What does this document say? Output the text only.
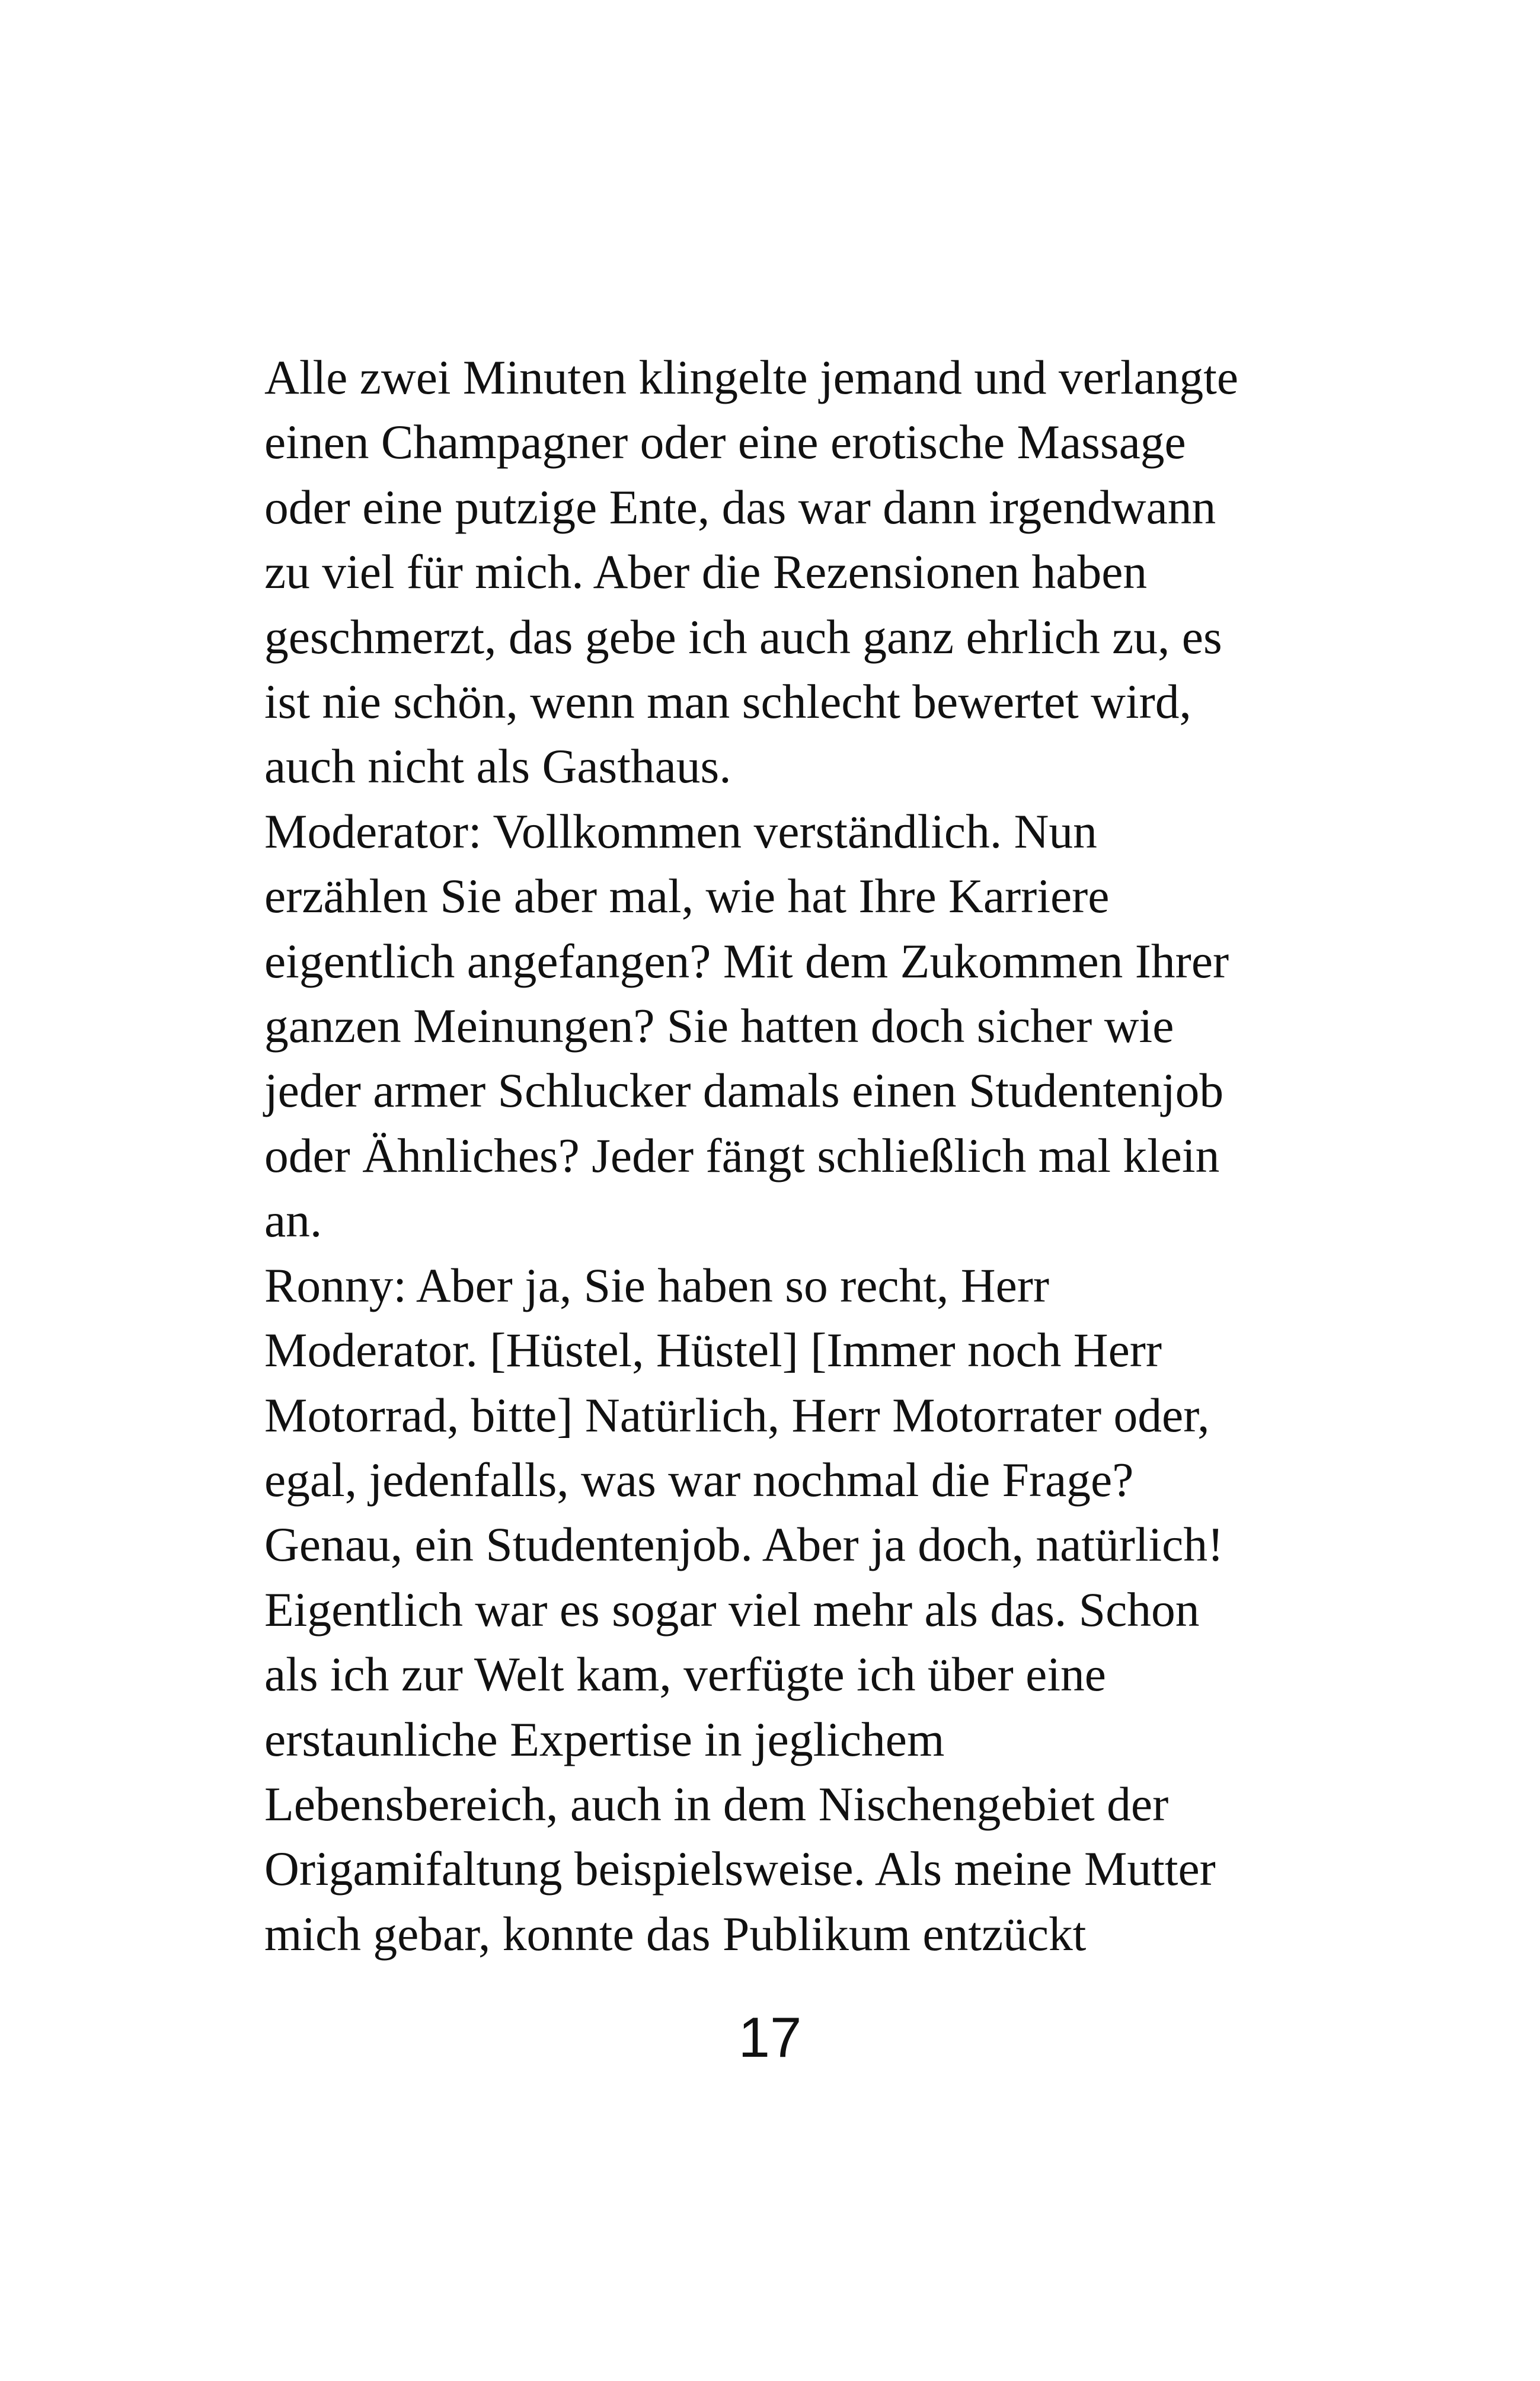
Alle zwei Minuten klingelte jemand und verlangte
einen Champagner oder eine erotische Massage
oder eine putzige Ente, das war dann irgendwann
zu viel für mich. Aber die Rezensionen haben
geschmerzt, das gebe ich auch ganz ehrlich zu, es
ist nie schön, wenn man schlecht bewertet wird,
auch nicht als Gasthaus.
Moderator: Vollkommen verständlich. Nun
erzählen Sie aber mal, wie hat Ihre Karriere
eigentlich angefangen? Mit dem Zukommen Ihrer
ganzen Meinungen? Sie hatten doch sicher wie
jeder armer Schlucker damals einen Studentenjob
oder Ähnliches? Jeder fängt schließlich mal klein
an.
Ronny: Aber ja, Sie haben so recht, Herr
Moderator. [Hüstel, Hüstel] [Immer noch Herr
Motorrad, bitte] Natürlich, Herr Motorrater oder,
egal, jedenfalls, was war nochmal die Frage?
Genau, ein Studentenjob. Aber ja doch, natürlich!
Eigentlich war es sogar viel mehr als das. Schon
als ich zur Welt kam, verfügte ich über eine
erstaunliche Expertise in jeglichem
Lebensbereich, auch in dem Nischengebiet der
Origamifaltung beispielsweise. Als meine Mutter
mich gebar, konnte das Publikum entzückt
17
